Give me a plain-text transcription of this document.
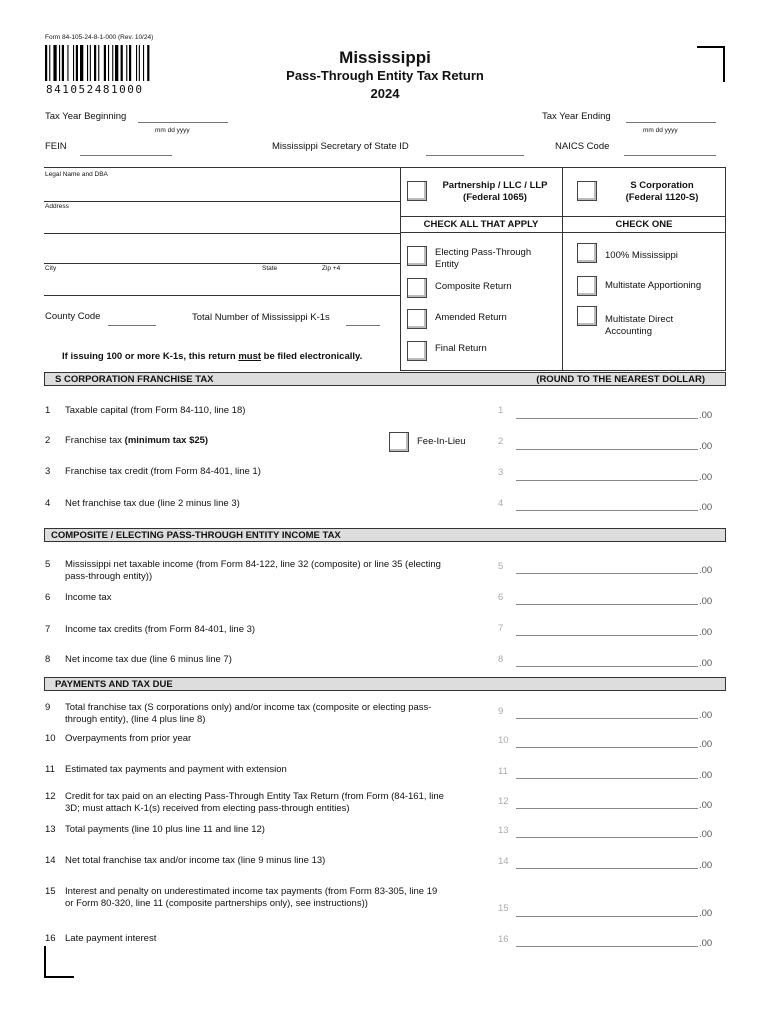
Form 84-105-24-8-1-000 (Rev. 10/24)
841052481000
Mississippi
Pass-Through Entity Tax Return
2024
Tax Year Beginning
mm dd yyyy
Tax Year Ending
mm dd yyyy
FEIN	Mississippi Secretary of State ID	NAICS Code
Legal Name and DBA
Address
City	State	Zip +4
County Code	Total Number of Mississippi K-1s
If issuing 100 or more K-1s, this return must be filed electronically.
Partnership / LLC / LLP
(Federal 1065)
S Corporation
(Federal 1120-S)
CHECK ALL THAT APPLY	CHECK ONE
Electing Pass-Through Entity
Composite Return
Amended Return
Final Return
100% Mississippi
Multistate Apportioning
Multistate Direct Accounting
S CORPORATION FRANCHISE TAX	(ROUND TO THE NEAREST DOLLAR)
COMPOSITE / ELECTING PASS-THROUGH ENTITY INCOME TAX
PAYMENTS AND TAX DUE
Fee-In-Lieu
1 Taxable capital (from Form 84-110, line 18)	1	.00
2 Franchise tax (minimum tax $25)	2	.00
3 Franchise tax credit (from Form 84-401, line 1)	3	.00
4 Net franchise tax due (line 2 minus line 3)	4	.00
5 Mississippi net taxable income (from Form 84-122, line 32 (composite) or line 35 (electing pass-through entity))
5	.00
6 Income tax	6	.00
7 Income tax credits (from Form 84-401, line 3)	7	.00
8 Net income tax due (line 6 minus line 7)	8	.00
9 Total franchise tax (S corporations only) and/or income tax (composite or electing pass-through entity), (line 4 plus line 8)
9	.00
10 Overpayments from prior year	10	.00
11 Estimated tax payments and payment with extension	11	.00
12 Credit for tax paid on an electing Pass-Through Entity Tax Return (from Form (84-161, line 3D; must attach K-1(s) received from electing pass-through entities)
12	.00
13 Total payments (line 10 plus line 11 and line 12)	13	.00
14 Net total franchise tax and/or income tax (line 9 minus line 13)	14	.00
15 Interest and penalty on underestimated income tax payments (from Form 83-305, line 19 or Form 80-320, line 11 (composite partnerships only), see instructions))	15	.00
16 Late payment interest	16	.00
